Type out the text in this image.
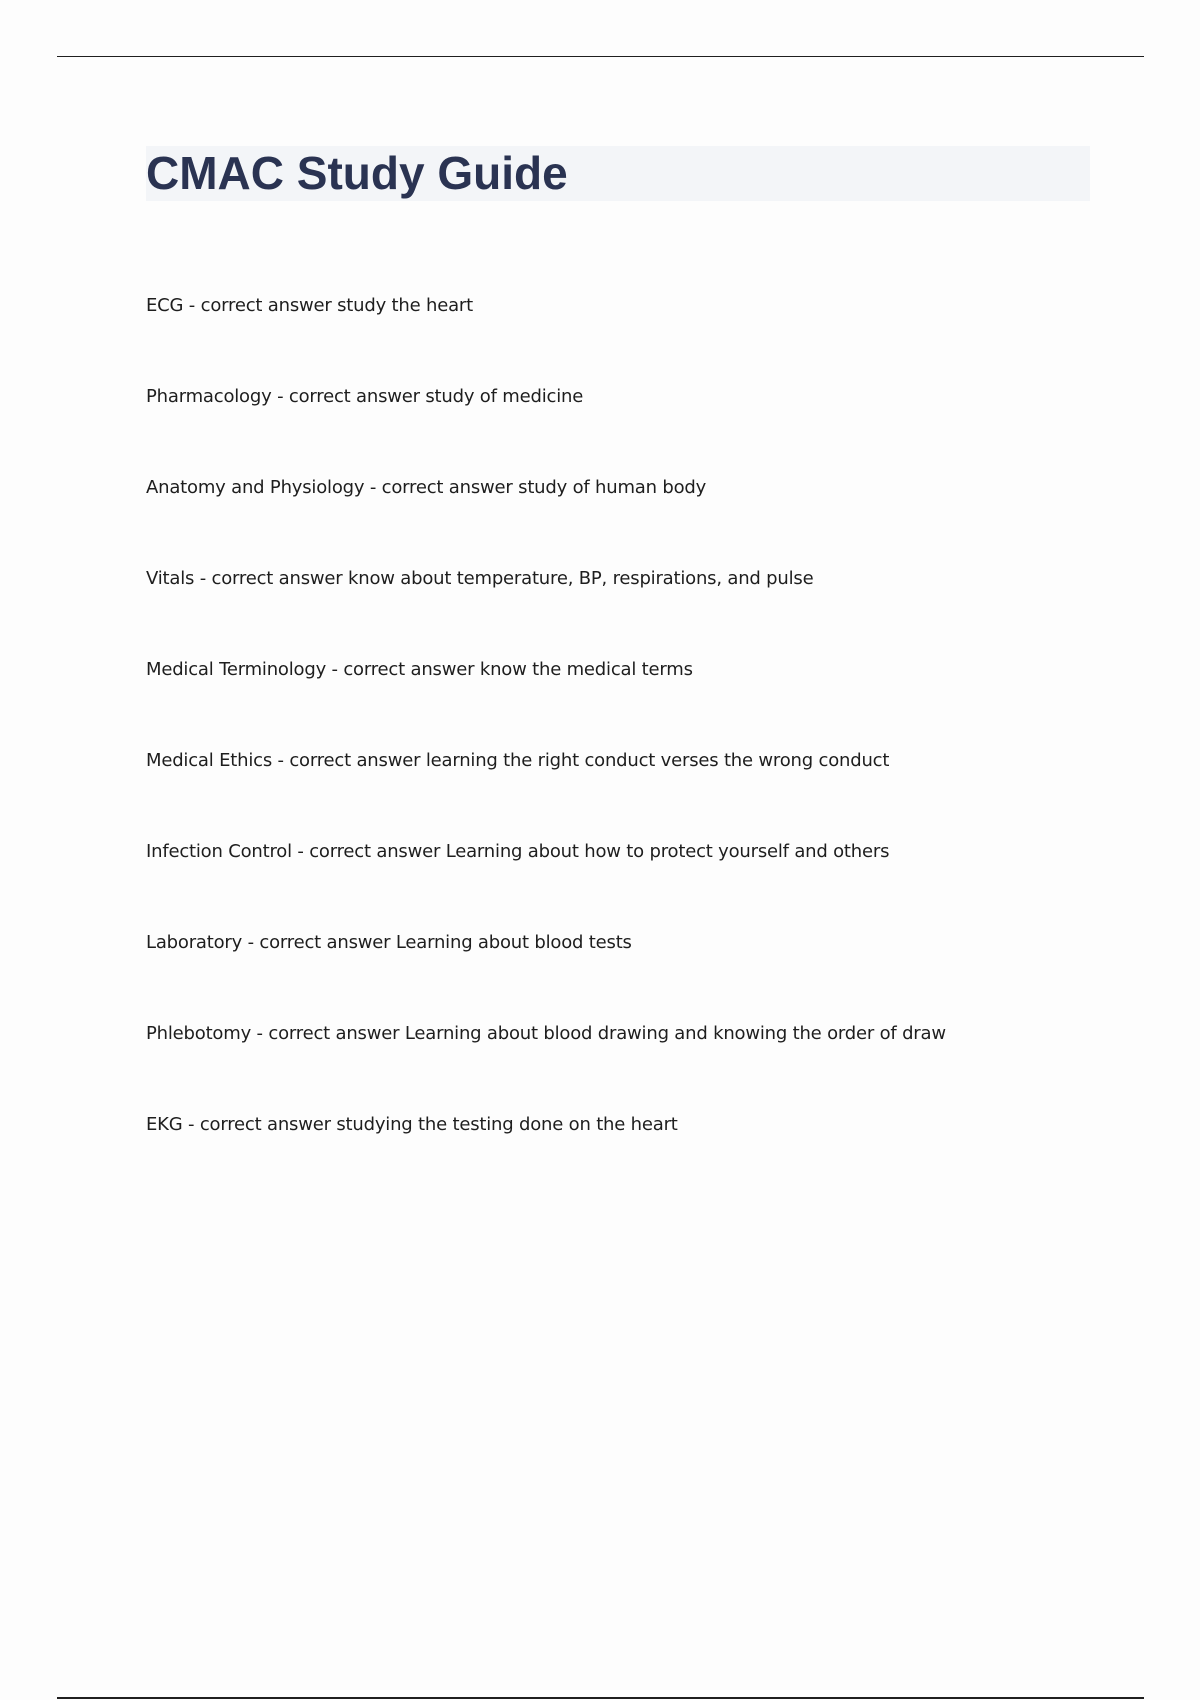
CMAC Study Guide
ECG - correct answer study the heart
Pharmacology - correct answer study of medicine
Anatomy and Physiology - correct answer study of human body
Vitals - correct answer know about temperature, BP, respirations, and pulse
Medical Terminology - correct answer know the medical terms
Medical Ethics - correct answer learning the right conduct verses the wrong conduct
Infection Control - correct answer Learning about how to protect yourself and others
Laboratory - correct answer Learning about blood tests
Phlebotomy - correct answer Learning about blood drawing and knowing the order of draw
EKG - correct answer studying the testing done on the heart
